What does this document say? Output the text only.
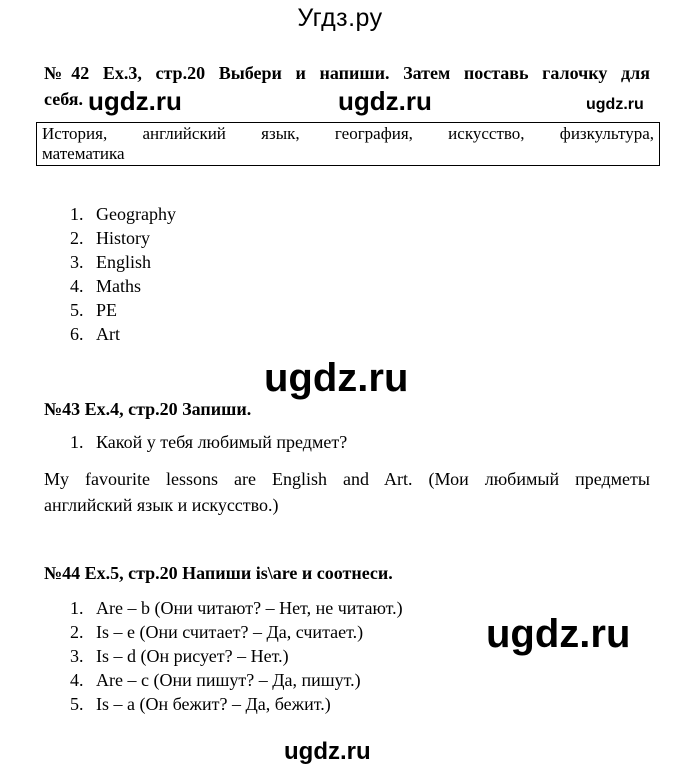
Угдз.ру
№42 Ex.3, стр.20 Выбери и напиши. Затем поставь галочку для
себя. ugdz.ru	ugdz.ru	ugdz.ru
История, английский язык, география, искусство, физкультура,
математика
1. Geography
2. History
3. English
4. Maths
5. PE
6. Art
ugdz.ru
№43 Ex.4, стр.20 Запиши.
1. Какой у тебя любимый предмет?
My favourite lessons are English and Art. (Мои любимый предметы
английский язык и искусство.)
№44 Ex.5, стр.20 Напиши is\are и соотнеси.
1. Are – b (Они читают? – Нет, не читают.)
2. Is – e (Они считает? – Да, считает.)
3. Is – d (Он рисует? – Нет.)
4. Are – c (Они пишут? – Да, пишут.)
5. Is – a (Он бежит? – Да, бежит.)
ugdz.ru
ugdz.ru
